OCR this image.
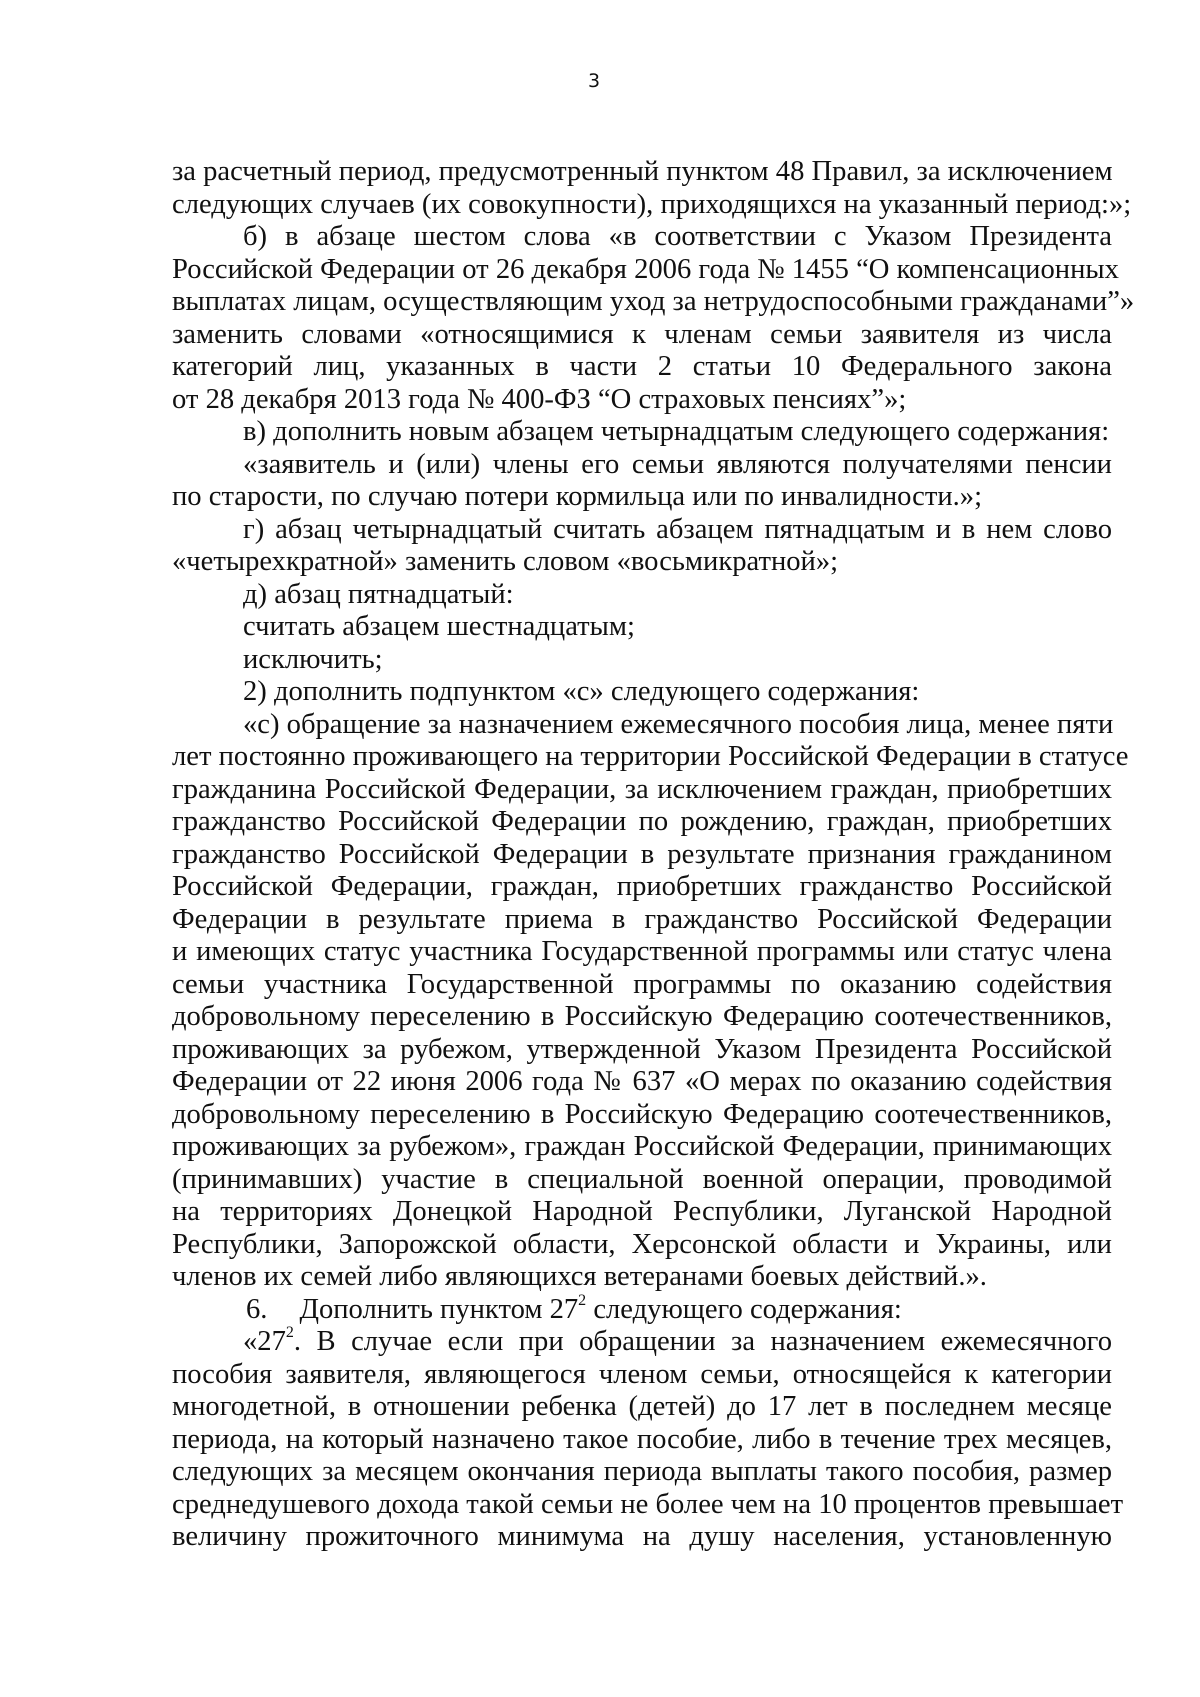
3
за расчетный период, предусмотренный пунктом 48 Правил, за исключением
следующих случаев (их совокупности), приходящихся на указанный период:»;
б) в абзаце шестом слова «в соответствии с Указом Президента
Российской Федерации от 26 декабря 2006 года № 1455 “О компенсационных
выплатах лицам, осуществляющим уход за нетрудоспособными гражданами”»
заменить словами «относящимися к членам семьи заявителя из числа
категорий лиц, указанных в части 2 статьи 10 Федерального закона
от 28 декабря 2013 года № 400-ФЗ “О страховых пенсиях”»;
в) дополнить новым абзацем четырнадцатым следующего содержания:
«заявитель и (или) члены его семьи являются получателями пенсии
по старости, по случаю потери кормильца или по инвалидности.»;
г) абзац четырнадцатый считать абзацем пятнадцатым и в нем слово
«четырехкратной» заменить словом «восьмикратной»;
д) абзац пятнадцатый:
считать абзацем шестнадцатым;
исключить;
2) дополнить подпунктом «с» следующего содержания:
«с) обращение за назначением ежемесячного пособия лица, менее пяти
лет постоянно проживающего на территории Российской Федерации в статусе
гражданина Российской Федерации, за исключением граждан, приобретших
гражданство Российской Федерации по рождению, граждан, приобретших
гражданство Российской Федерации в результате признания гражданином
Российской Федерации, граждан, приобретших гражданство Российской
Федерации в результате приема в гражданство Российской Федерации
и имеющих статус участника Государственной программы или статус члена
семьи участника Государственной программы по оказанию содействия
добровольному переселению в Российскую Федерацию соотечественников,
проживающих за рубежом, утвержденной Указом Президента Российской
Федерации от 22 июня 2006 года № 637 «О мерах по оказанию содействия
добровольному переселению в Российскую Федерацию соотечественников,
проживающих за рубежом», граждан Российской Федерации, принимающих
(принимавших) участие в специальной военной операции, проводимой
на территориях Донецкой Народной Республики, Луганской Народной
Республики, Запорожской области, Херсонской области и Украины, или
членов их семей либо являющихся ветеранами боевых действий.».
6. Дополнить пунктом $27^2$ следующего содержания:
«$27^2$. В случае если при обращении за назначением ежемесячного
пособия заявителя, являющегося членом семьи, относящейся к категории
многодетной, в отношении ребенка (детей) до 17 лет в последнем месяце
периода, на который назначено такое пособие, либо в течение трех месяцев,
следующих за месяцем окончания периода выплаты такого пособия, размер
среднедушевого дохода такой семьи не более чем на 10 процентов превышает
величину прожиточного минимума на душу населения, установленную
